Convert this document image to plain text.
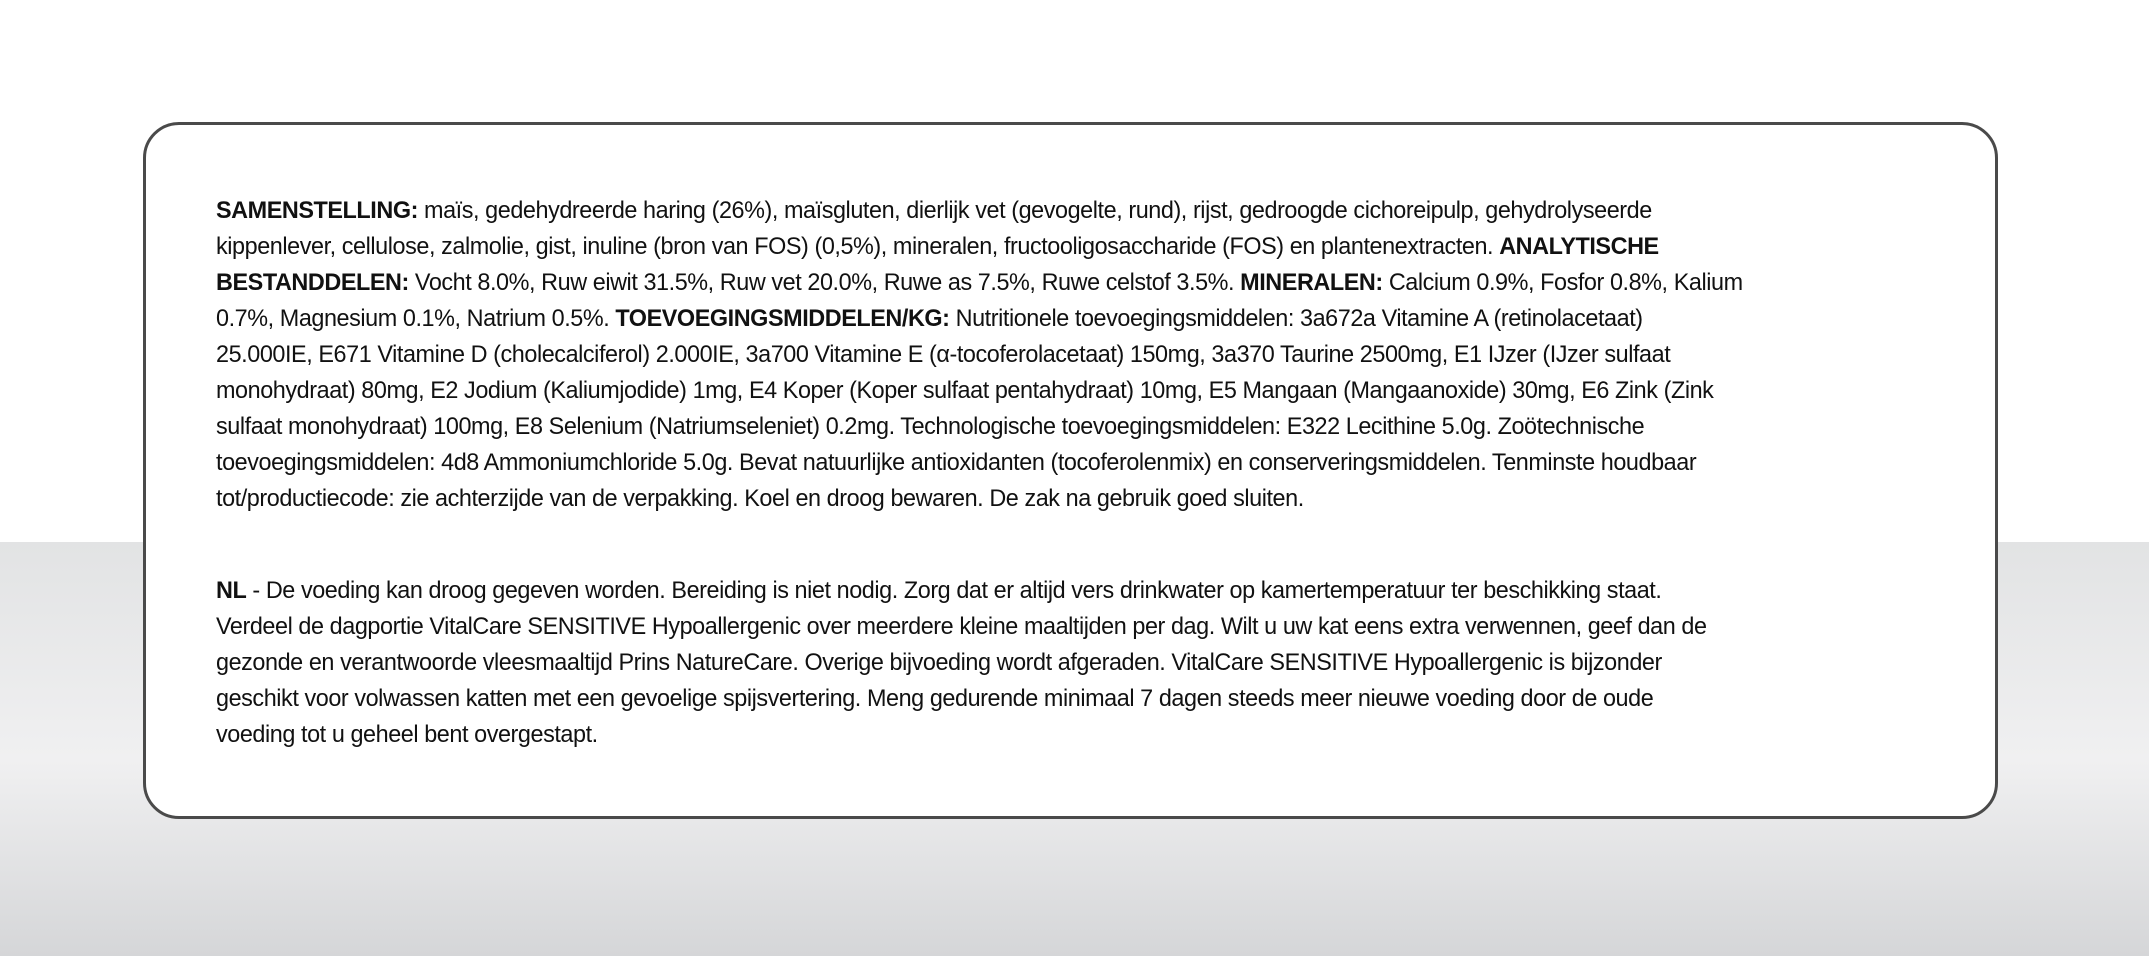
SAMENSTELLING: maïs, gedehydreerde haring (26%), maïsgluten, dierlijk vet (gevogelte, rund), rijst, gedroogde cichoreipulp, gehydrolyseerde
kippenlever, cellulose, zalmolie, gist, inuline (bron van FOS) (0,5%), mineralen, fructooligosaccharide (FOS) en plantenextracten. ANALYTISCHE
BESTANDDELEN: Vocht 8.0%, Ruw eiwit 31.5%, Ruw vet 20.0%, Ruwe as 7.5%, Ruwe celstof 3.5%. MINERALEN: Calcium 0.9%, Fosfor 0.8%, Kalium
0.7%, Magnesium 0.1%, Natrium 0.5%. TOEVOEGINGSMIDDELEN/KG: Nutritionele toevoegingsmiddelen: 3a672a Vitamine A (retinolacetaat)
25.000IE, E671 Vitamine D (cholecalciferol) 2.000IE, 3a700 Vitamine E (α-tocoferolacetaat) 150mg, 3a370 Taurine 2500mg, E1 IJzer (IJzer sulfaat
monohydraat) 80mg, E2 Jodium (Kaliumjodide) 1mg, E4 Koper (Koper sulfaat pentahydraat) 10mg, E5 Mangaan (Mangaanoxide) 30mg, E6 Zink (Zink
sulfaat monohydraat) 100mg, E8 Selenium (Natriumseleniet) 0.2mg. Technologische toevoegingsmiddelen: E322 Lecithine 5.0g. Zoötechnische
toevoegingsmiddelen: 4d8 Ammoniumchloride 5.0g. Bevat natuurlijke antioxidanten (tocoferolenmix) en conserveringsmiddelen. Tenminste houdbaar
tot/productiecode: zie achterzijde van de verpakking. Koel en droog bewaren. De zak na gebruik goed sluiten.

NL - De voeding kan droog gegeven worden. Bereiding is niet nodig. Zorg dat er altijd vers drinkwater op kamertemperatuur ter beschikking staat.
Verdeel de dagportie VitalCare SENSITIVE Hypoallergenic over meerdere kleine maaltijden per dag. Wilt u uw kat eens extra verwennen, geef dan de
gezonde en verantwoorde vleesmaaltijd Prins NatureCare. Overige bijvoeding wordt afgeraden. VitalCare SENSITIVE Hypoallergenic is bijzonder
geschikt voor volwassen katten met een gevoelige spijsvertering. Meng gedurende minimaal 7 dagen steeds meer nieuwe voeding door de oude
voeding tot u geheel bent overgestapt.
